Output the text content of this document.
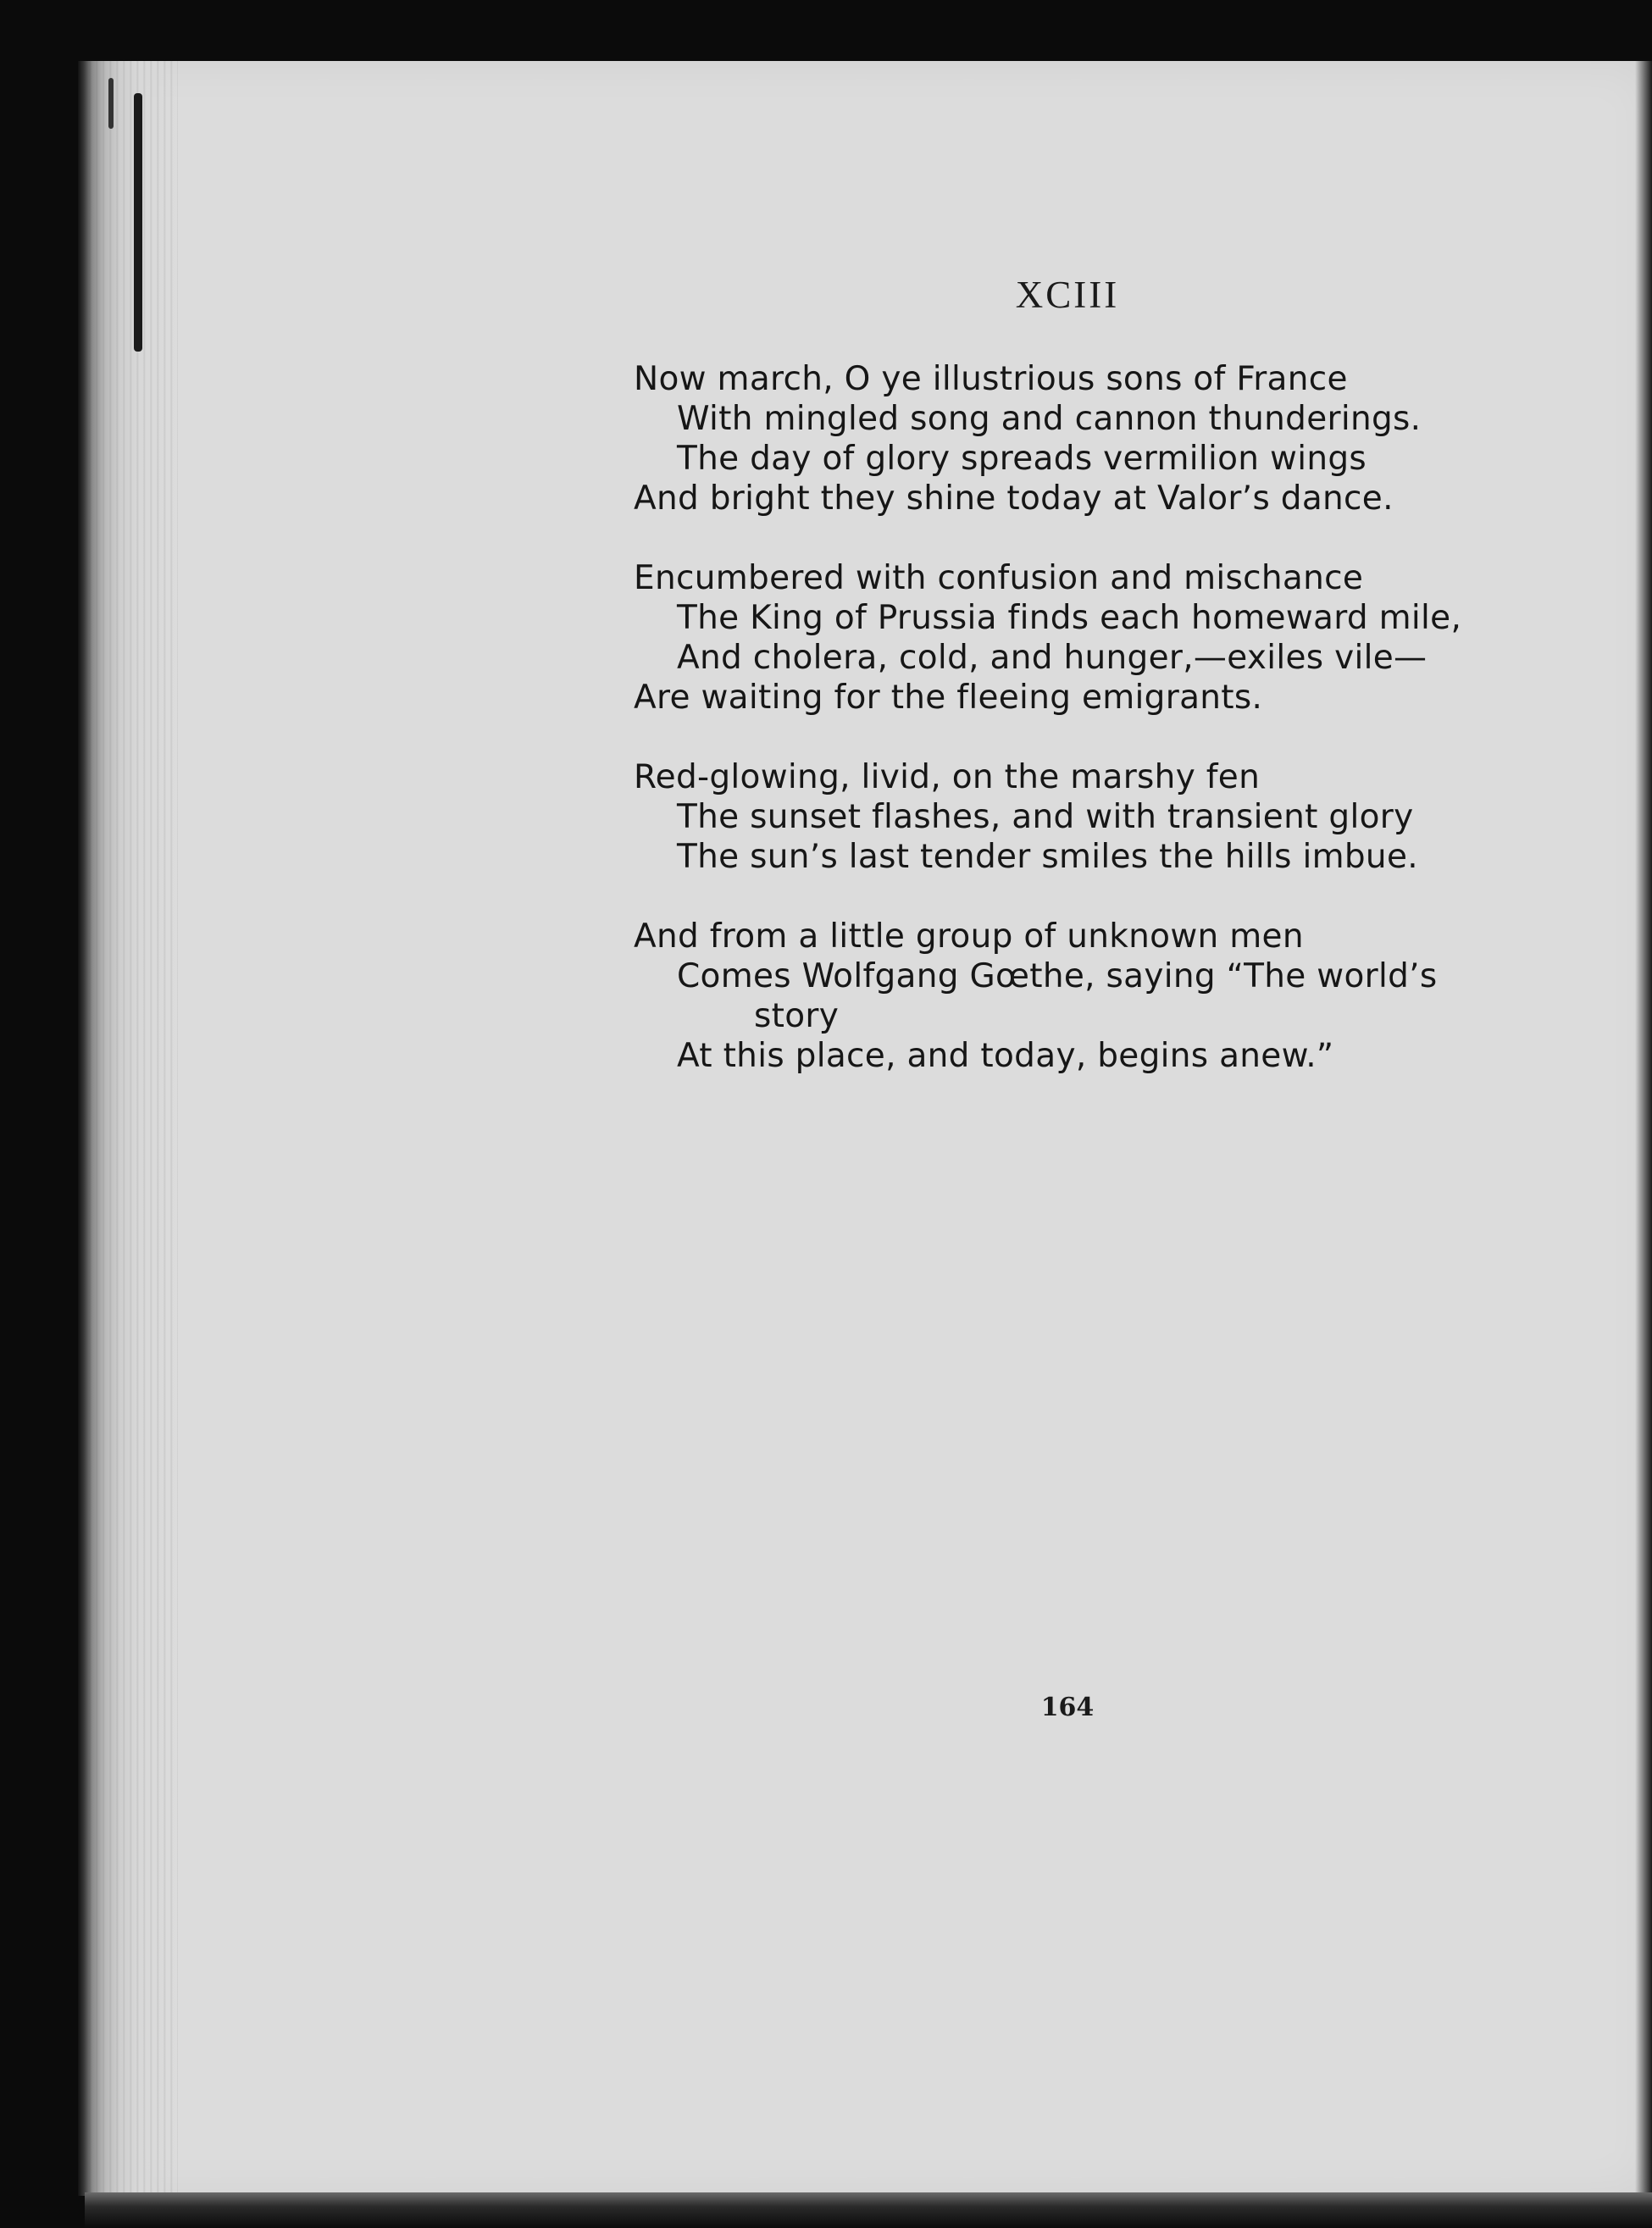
XCIII
Now march, O ye illustrious sons of France
With mingled song and cannon thunderings.
The day of glory spreads vermilion wings
And bright they shine today at Valor’s dance.
Encumbered with confusion and mischance
The King of Prussia finds each homeward mile,
And cholera, cold, and hunger,—exiles vile—
Are waiting for the fleeing emigrants.
Red-glowing, livid, on the marshy fen
The sunset flashes, and with transient glory
The sun’s last tender smiles the hills imbue.
And from a little group of unknown men
Comes Wolfgang Gœthe, saying “The world’s
story
At this place, and today, begins anew.”
164
